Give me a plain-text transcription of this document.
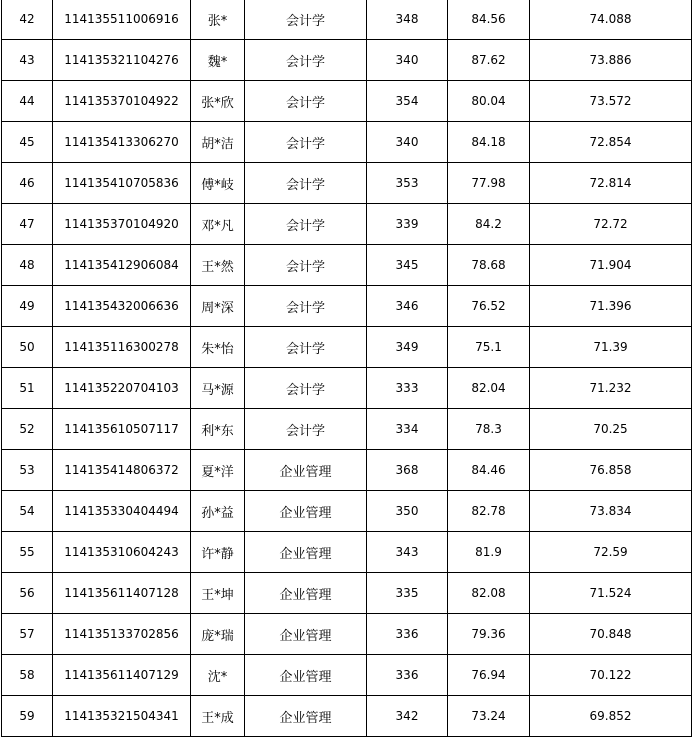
42	114135511006916	张*	会计学	348	84.56	74.088
43	114135321104276	魏*	会计学	340	87.62	73.886
44	114135370104922	张*欣	会计学	354	80.04	73.572
45	114135413306270	胡*洁	会计学	340	84.18	72.854
46	114135410705836	傅*岐	会计学	353	77.98	72.814
47	114135370104920	邓*凡	会计学	339	84.2	72.72
48	114135412906084	王*然	会计学	345	78.68	71.904
49	114135432006636	周*深	会计学	346	76.52	71.396
50	114135116300278	朱*怡	会计学	349	75.1	71.39
51	114135220704103	马*源	会计学	333	82.04	71.232
52	114135610507117	利*东	会计学	334	78.3	70.25
53	114135414806372	夏*洋	企业管理	368	84.46	76.858
54	114135330404494	孙*益	企业管理	350	82.78	73.834
55	114135310604243	许*静	企业管理	343	81.9	72.59
56	114135611407128	王*坤	企业管理	335	82.08	71.524
57	114135133702856	庞*瑞	企业管理	336	79.36	70.848
58	114135611407129	沈*	企业管理	336	76.94	70.122
59	114135321504341	王*成	企业管理	342	73.24	69.852
